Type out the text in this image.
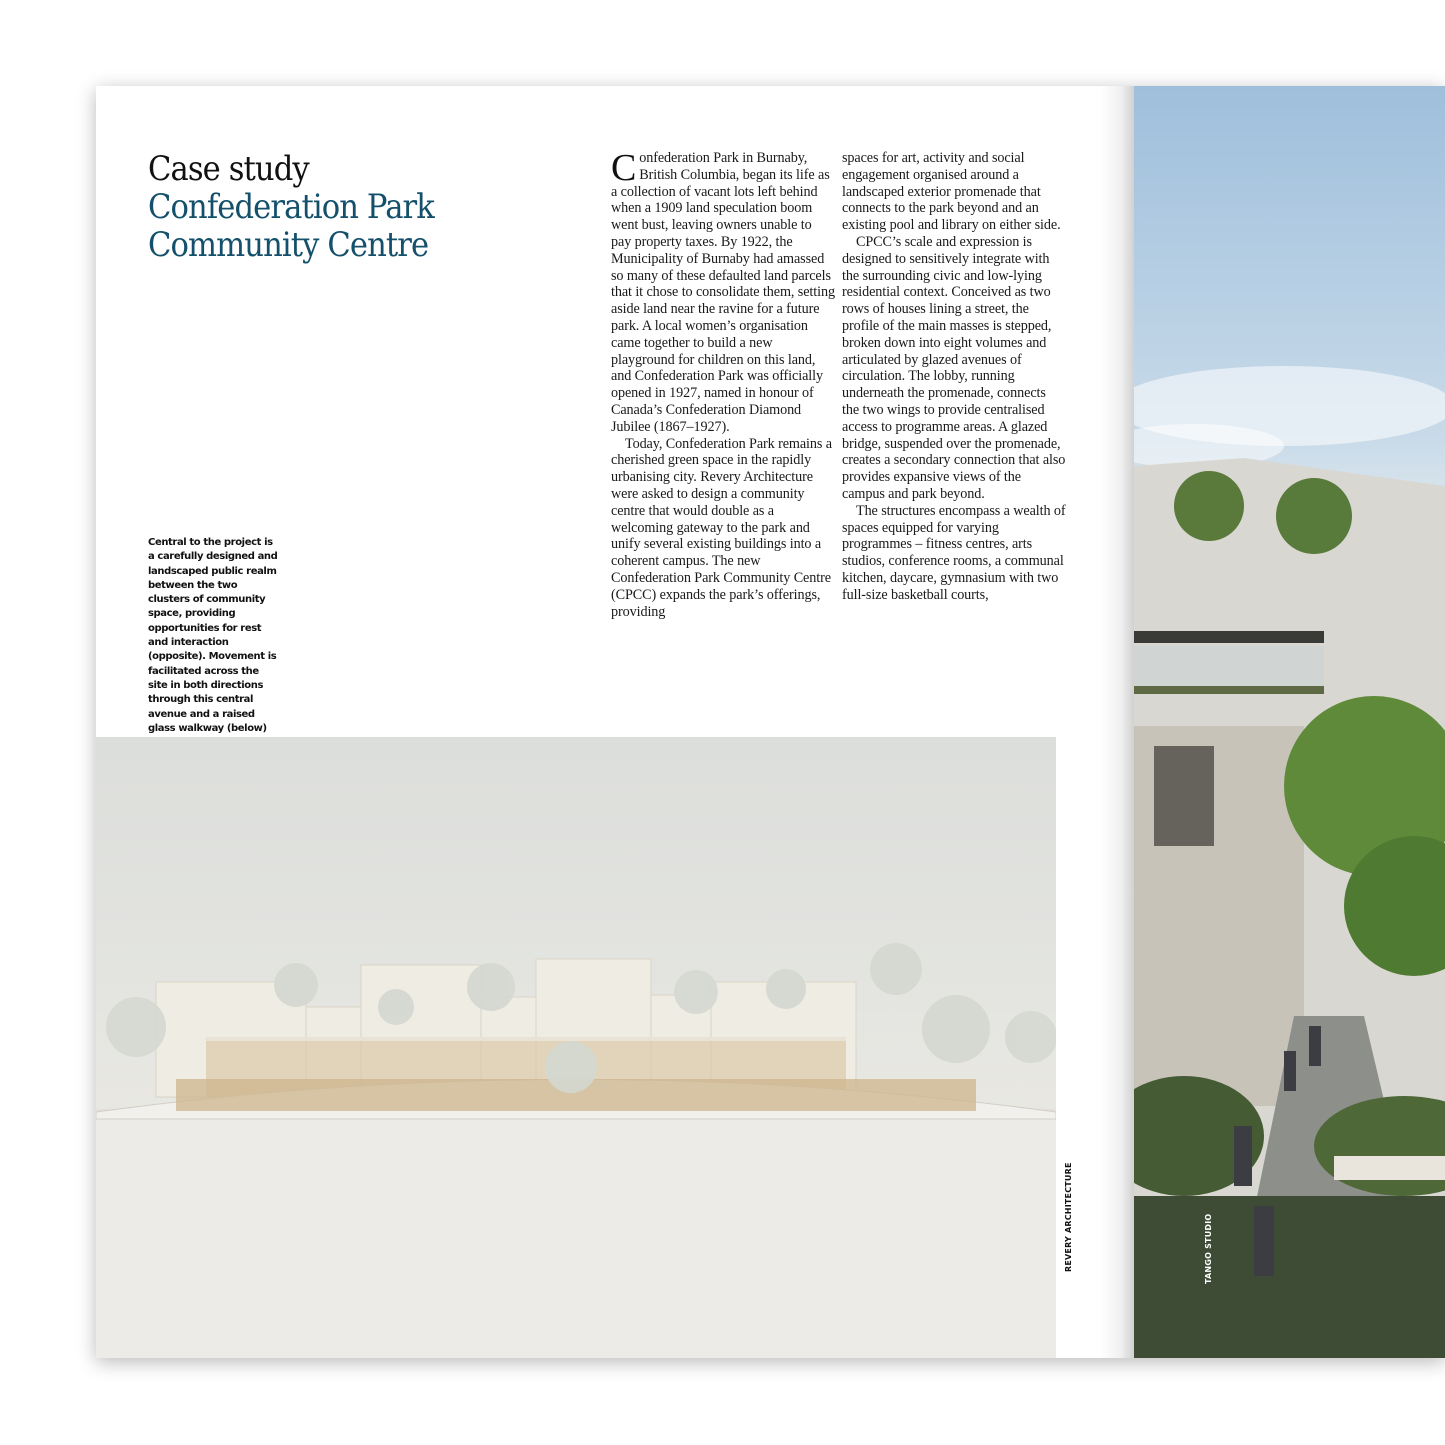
Case study
Confederation Park
Community Centre
Central to the project is a carefully designed and landscaped public realm between the two clusters of community space, providing opportunities for rest and interaction (opposite). Movement is facilitated across the site in both directions through this central avenue and a raised glass walkway (below)

Confederation Park in Burnaby, British Columbia, began its life as a collection of vacant lots left behind when a 1909 land speculation boom went bust, leaving owners unable to pay property taxes. By 1922, the Municipality of Burnaby had amassed so many of these defaulted land parcels that it chose to consolidate them, setting aside land near the ravine for a future park. A local women’s organisation came together to build a new playground for children on this land, and Confederation Park was officially opened in 1927, named in honour of Canada’s Confederation Diamond Jubilee (1867–1927).

Today, Confederation Park remains a cherished green space in the rapidly urbanising city. Revery Architecture were asked to design a community centre that would double as a welcoming gateway to the park and unify several existing buildings into a coherent campus. The new Confederation Park Community Centre (CPCC) expands the park’s offerings, providing

spaces for art, activity and social engagement organised around a landscaped exterior promenade that connects to the park beyond and an existing pool and library on either side.

CPCC’s scale and expression is designed to sensitively integrate with the surrounding civic and low-lying residential context. Conceived as two rows of houses lining a street, the profile of the main masses is stepped, broken down into eight volumes and articulated by glazed avenues of circulation. The lobby, running underneath the promenade, connects the two wings to provide centralised access to programme areas. A glazed bridge, suspended over the promenade, creates a secondary connection that also provides expansive views of the campus and park beyond.

The structures encompass a wealth of spaces equipped for varying programmes – fitness centres, arts studios, conference rooms, a communal kitchen, daycare, gymnasium with two full-size basketball courts,

REVERY ARCHITECTURE	TANGO STUDIO
